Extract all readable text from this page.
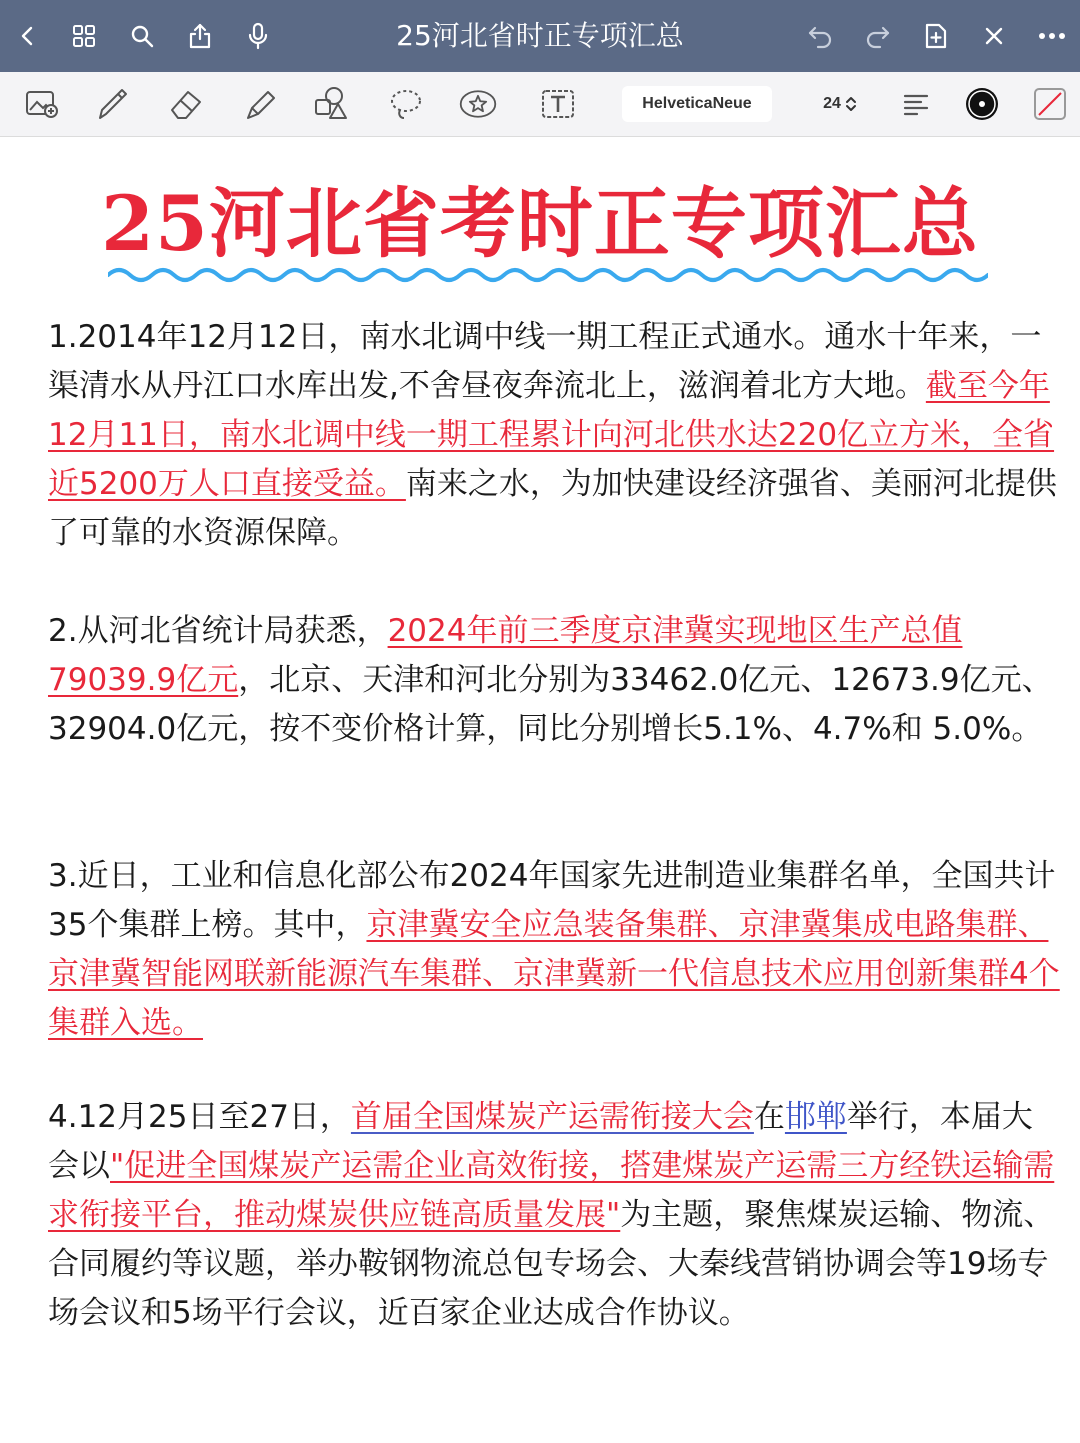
25河北省时正专项汇总
HelveticaNeue	24
25河北省考时正专项汇总

1.2014年12月12日，南水北调中线一期工程正式通水。通水十年来，一渠清水从丹江口水库出发,不舍昼夜奔流北上，滋润着北方大地。截至今年12月11日，南水北调中线一期工程累计向河北供水达220亿立方米，全省近5200万人口直接受益。南来之水，为加快建设经济强省、美丽河北提供了可靠的水资源保障。

2.从河北省统计局获悉，2024年前三季度京津冀实现地区生产总值79039.9亿元，北京、天津和河北分别为33462.0亿元、12673.9亿元、32904.0亿元，按不变价格计算，同比分别增长5.1%、4.7%和 5.0%。

3.近日，工业和信息化部公布2024年国家先进制造业集群名单，全国共计35个集群上榜。其中，京津冀安全应急装备集群、京津冀集成电路集群、京津冀智能网联新能源汽车集群、京津冀新一代信息技术应用创新集群4个集群入选。

4.12月25日至27日，首届全国煤炭产运需衔接大会在邯郸举行，本届大会以"促进全国煤炭产运需企业高效衔接，搭建煤炭产运需三方经铁运输需求衔接平台，推动煤炭供应链高质量发展"为主题，聚焦煤炭运输、物流、合同履约等议题，举办鞍钢物流总包专场会、大秦线营销协调会等19场专场会议和5场平行会议，近百家企业达成合作协议。
